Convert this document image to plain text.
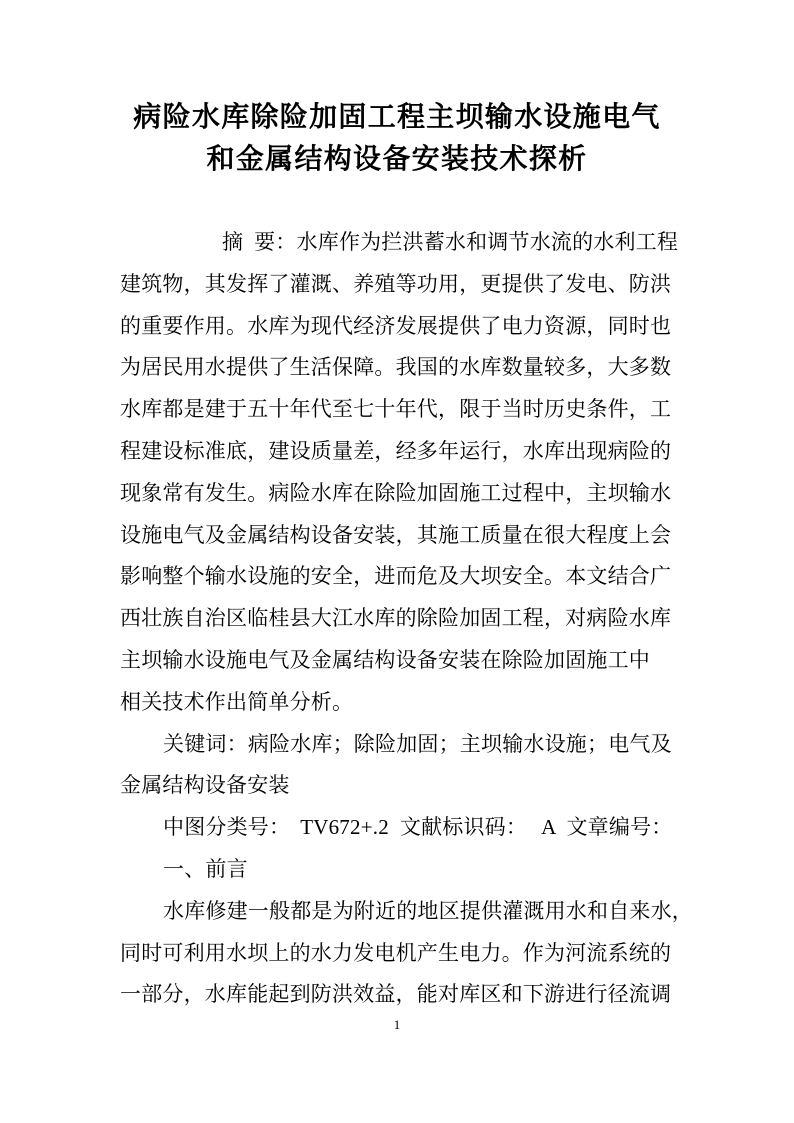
病险水库除险加固工程主坝输水设施电气
和金属结构设备安装技术探析
摘  要：水库作为拦洪蓄水和调节水流的水利工程
建筑物，其发挥了灌溉、养殖等功用，更提供了发电、防洪
的重要作用。水库为现代经济发展提供了电力资源，同时也
为居民用水提供了生活保障。我国的水库数量较多，大多数
水库都是建于五十年代至七十年代，限于当时历史条件，工
程建设标准底，建设质量差，经多年运行，水库出现病险的
现象常有发生。病险水库在除险加固施工过程中，主坝输水
设施电气及金属结构设备安装，其施工质量在很大程度上会
影响整个输水设施的安全，进而危及大坝安全。本文结合广
西壮族自治区临桂县大江水库的除险加固工程，对病险水库
主坝输水设施电气及金属结构设备安装在除险加固施工中
相关技术作出简单分析。
关键词：病险水库；除险加固；主坝输水设施；电气及
金属结构设备安装
中图分类号： TV672+.2 文献标识码： A 文章编号：
一、前言
水库修建一般都是为附近的地区提供灌溉用水和自来水，
同时可利用水坝上的水力发电机产生电力。作为河流系统的
一部分，水库能起到防洪效益，能对库区和下游进行径流调
1
